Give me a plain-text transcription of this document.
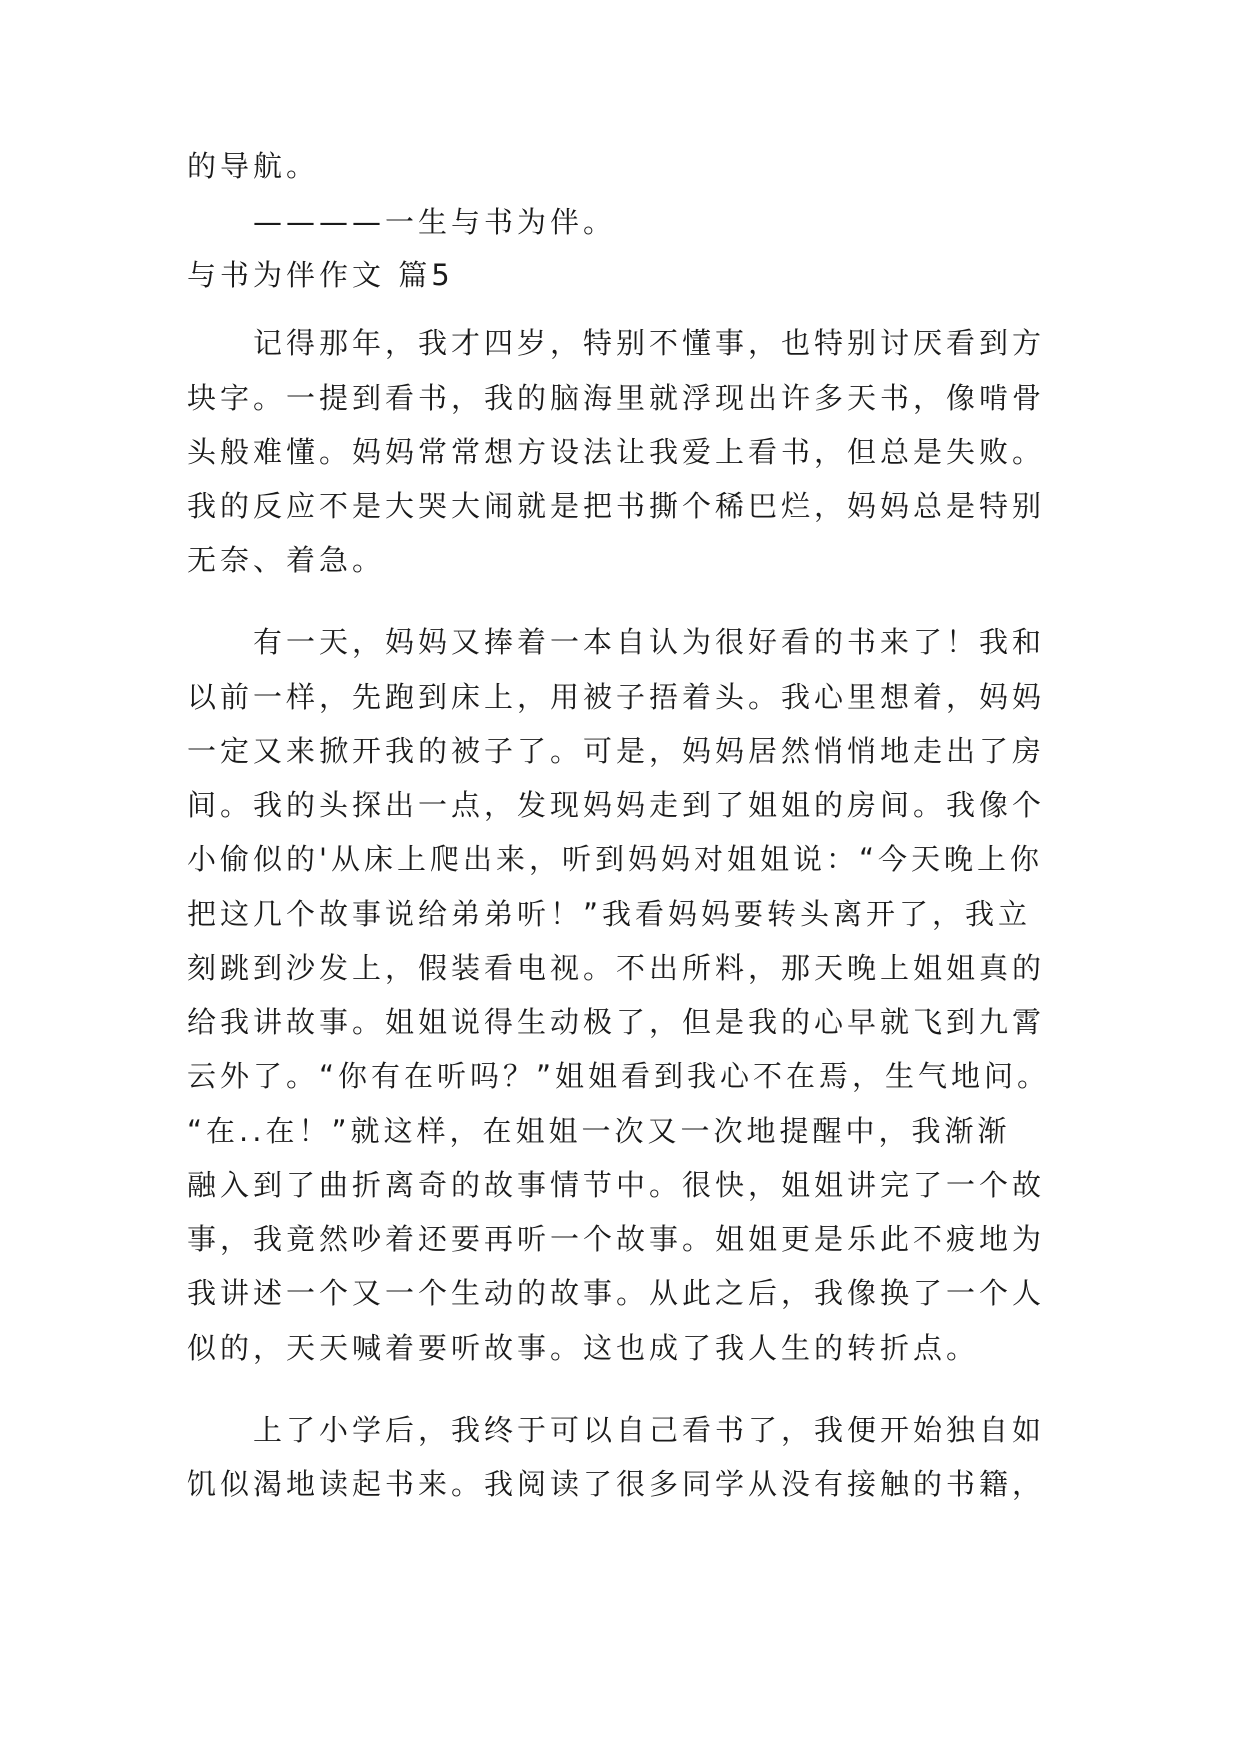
的导航。

————一生与书为伴。

与书为伴作文 篇5

记得那年，我才四岁，特别不懂事，也特别讨厌看到方

块字。一提到看书，我的脑海里就浮现出许多天书，像啃骨

头般难懂。妈妈常常想方设法让我爱上看书，但总是失败。

我的反应不是大哭大闹就是把书撕个稀巴烂，妈妈总是特别

无奈、着急。

有一天，妈妈又捧着一本自认为很好看的书来了！我和

以前一样，先跑到床上，用被子捂着头。我心里想着，妈妈

一定又来掀开我的被子了。可是，妈妈居然悄悄地走出了房

间。我的头探出一点，发现妈妈走到了姐姐的房间。我像个

小偷似的'从床上爬出来，听到妈妈对姐姐说：“今天晚上你

把这几个故事说给弟弟听！”我看妈妈要转头离开了，我立

刻跳到沙发上，假装看电视。不出所料，那天晚上姐姐真的

给我讲故事。姐姐说得生动极了，但是我的心早就飞到九霄

云外了。“你有在听吗？”姐姐看到我心不在焉，生气地问。

“在..在！”就这样，在姐姐一次又一次地提醒中，我渐渐

融入到了曲折离奇的故事情节中。很快，姐姐讲完了一个故

事，我竟然吵着还要再听一个故事。姐姐更是乐此不疲地为

我讲述一个又一个生动的故事。从此之后，我像换了一个人

似的，天天喊着要听故事。这也成了我人生的转折点。

上了小学后，我终于可以自己看书了，我便开始独自如

饥似渴地读起书来。我阅读了很多同学从没有接触的书籍，
